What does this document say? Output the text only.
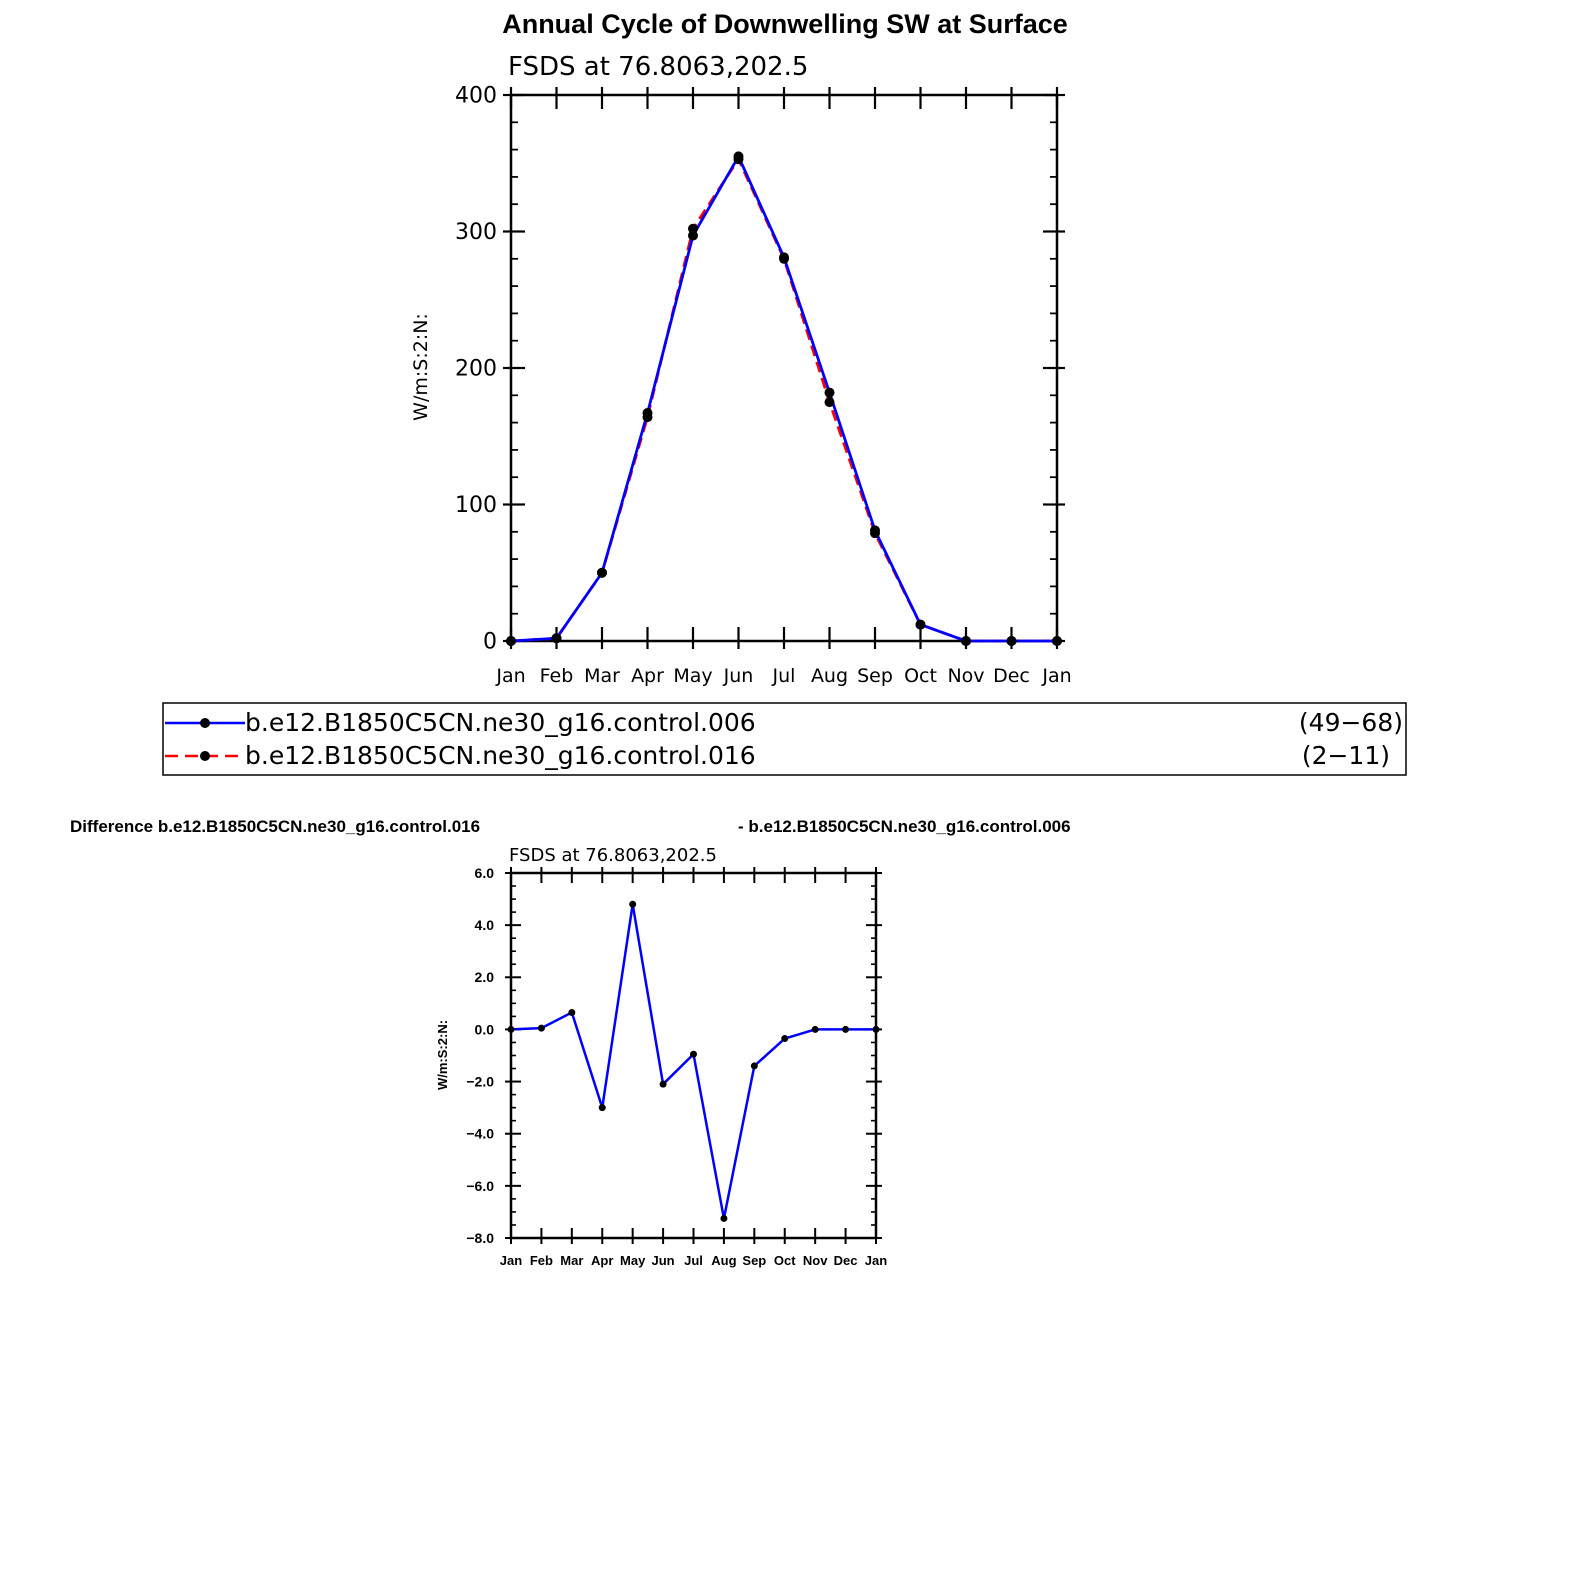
Annual Cycle of Downwelling SW at Surface
FSDS at 76.8063,202.5
W/m:S:2:N:
Jan Feb Mar Apr May Jun Jul Aug Sep Oct Nov Dec Jan
0
100
200
300
400
b.e12.B1850C5CN.ne30_g16.control.006	(49−68)
b.e12.B1850C5CN.ne30_g16.control.016	(2−11)
Difference b.e12.B1850C5CN.ne30_g16.control.016	- b.e12.B1850C5CN.ne30_g16.control.006
FSDS at 76.8063,202.5
W/m:S:2:N:
Jan Feb Mar Apr May Jun Jul Aug Sep Oct Nov Dec Jan
−8.0
−6.0
−4.0
−2.0
0.0
2.0
4.0
6.0
